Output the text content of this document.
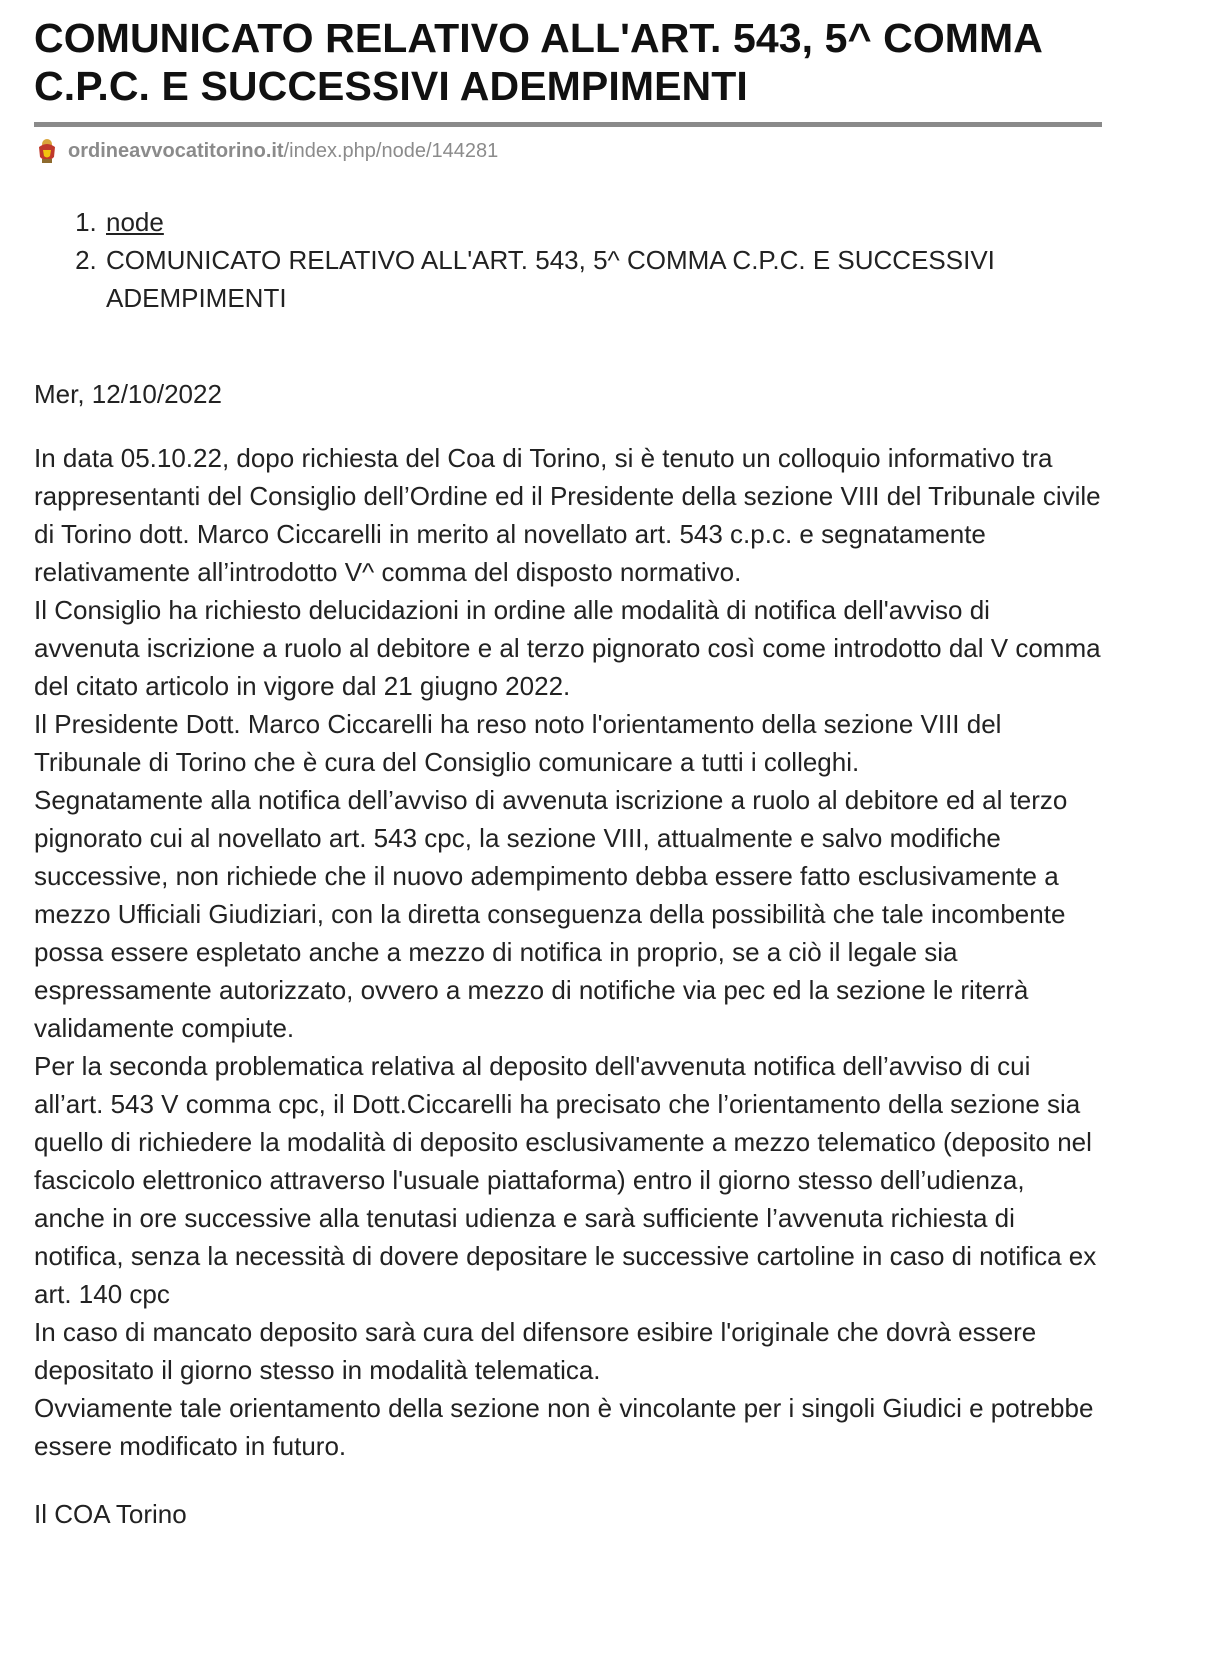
COMUNICATO RELATIVO ALL'ART. 543, 5^ COMMA C.P.C. E SUCCESSIVI ADEMPIMENTI
ordineavvocatitorino.it /index.php/node/144281
1. node
2. COMUNICATO RELATIVO ALL'ART. 543, 5^ COMMA C.P.C. E SUCCESSIVI ADEMPIMENTI
Mer, 12/10/2022

In data 05.10.22, dopo richiesta del Coa di Torino, si è tenuto un colloquio informativo tra rappresentanti del Consiglio dell’Ordine ed il Presidente della sezione VIII del Tribunale civile di Torino dott. Marco Ciccarelli in merito al novellato art. 543 c.p.c. e segnatamente relativamente all’introdotto V^ comma del disposto normativo.

Il Consiglio ha richiesto delucidazioni in ordine alle modalità di notifica dell'avviso di avvenuta iscrizione a ruolo al debitore e al terzo pignorato così come introdotto dal V comma del citato articolo in vigore dal 21 giugno 2022.

Il Presidente Dott. Marco Ciccarelli ha reso noto l'orientamento della sezione VIII del Tribunale di Torino che è cura del Consiglio comunicare a tutti i colleghi.

Segnatamente alla notifica dell’avviso di avvenuta iscrizione a ruolo al debitore ed al terzo pignorato cui al novellato art. 543 cpc, la sezione VIII, attualmente e salvo modifiche successive, non richiede che il nuovo adempimento debba essere fatto esclusivamente a mezzo Ufficiali Giudiziari, con la diretta conseguenza della possibilità che tale incombente possa essere espletato anche a mezzo di notifica in proprio, se a ciò il legale sia espressamente autorizzato, ovvero a mezzo di notifiche via pec ed la sezione le riterrà validamente compiute.

Per la seconda problematica relativa al deposito dell'avvenuta notifica dell’avviso di cui all’art. 543 V comma cpc, il Dott.Ciccarelli ha precisato che l’orientamento della sezione sia quello di richiedere la modalità di deposito esclusivamente a mezzo telematico (deposito nel fascicolo elettronico attraverso l'usuale piattaforma) entro il giorno stesso dell’udienza, anche in ore successive alla tenutasi udienza e sarà sufficiente l’avvenuta richiesta di notifica, senza la necessità di dovere depositare le successive cartoline in caso di notifica ex art. 140 cpc

In caso di mancato deposito sarà cura del difensore esibire l'originale che dovrà essere depositato il giorno stesso in modalità telematica.

Ovviamente tale orientamento della sezione non è vincolante per i singoli Giudici e potrebbe essere modificato in futuro.

Il COA Torino
